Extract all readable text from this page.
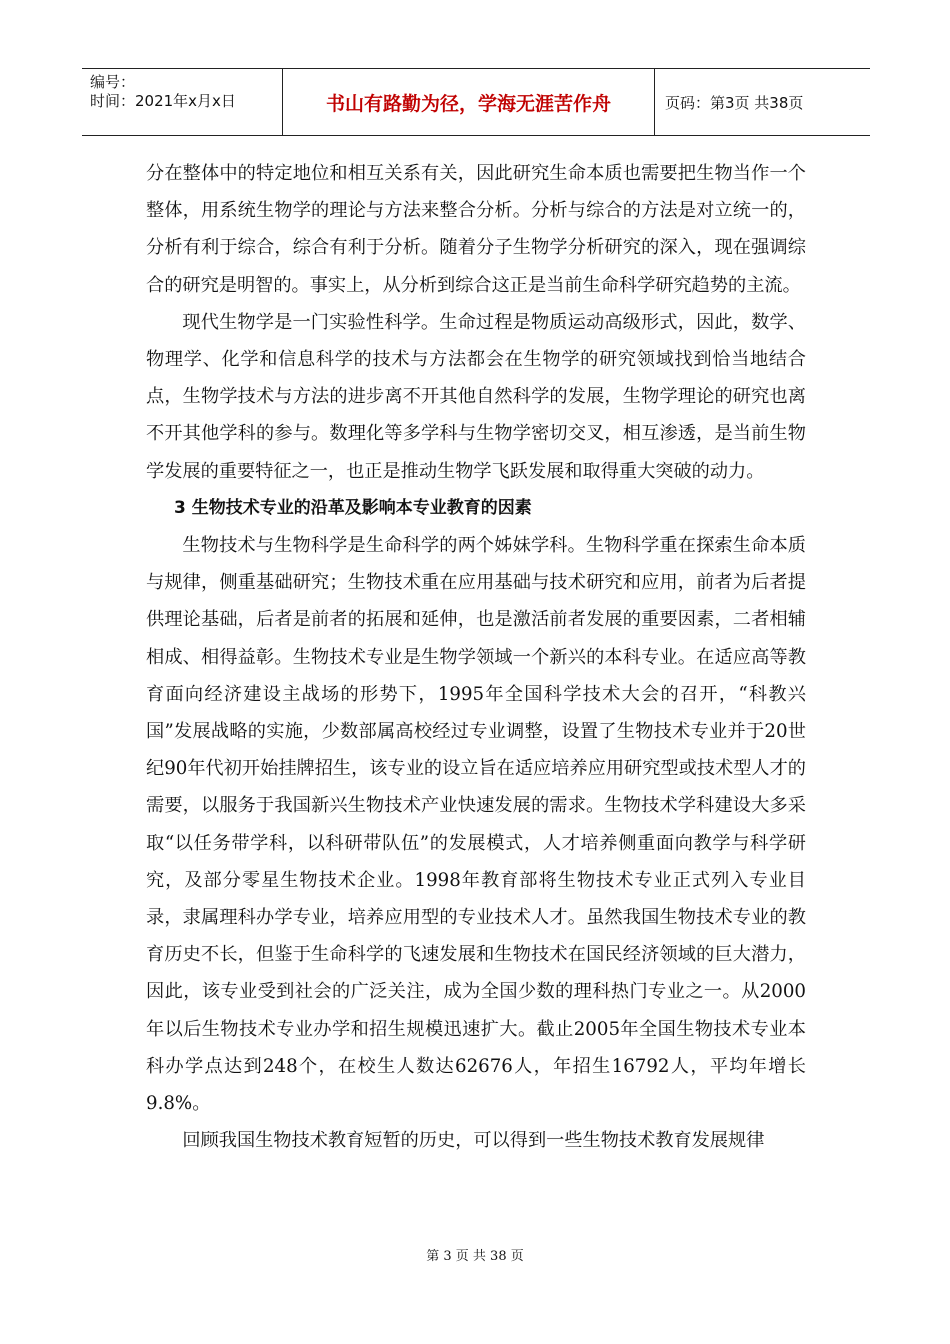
编号：
时间：2021年x月x日	书山有路勤为径，学海无涯苦作舟	页码：第3页 共38页

分在整体中的特定地位和相互关系有关，因此研究生命本质也需要把生物当作一个整体，用系统生物学的理论与方法来整合分析。分析与综合的方法是对立统一的，分析有利于综合，综合有利于分析。随着分子生物学分析研究的深入，现在强调综合的研究是明智的。事实上，从分析到综合这正是当前生命科学研究趋势的主流。

现代生物学是一门实验性科学。生命过程是物质运动高级形式，因此，数学、物理学、化学和信息科学的技术与方法都会在生物学的研究领域找到恰当地结合点，生物学技术与方法的进步离不开其他自然科学的发展，生物学理论的研究也离不开其他学科的参与。数理化等多学科与生物学密切交叉，相互渗透，是当前生物学发展的重要特征之一，也正是推动生物学飞跃发展和取得重大突破的动力。

3 生物技术专业的沿革及影响本专业教育的因素

生物技术与生物科学是生命科学的两个姊妹学科。生物科学重在探索生命本质与规律，侧重基础研究；生物技术重在应用基础与技术研究和应用，前者为后者提供理论基础，后者是前者的拓展和延伸，也是激活前者发展的重要因素，二者相辅相成、相得益彰。生物技术专业是生物学领域一个新兴的本科专业。在适应高等教育面向经济建设主战场的形势下，1995年全国科学技术大会的召开，“科教兴国”发展战略的实施，少数部属高校经过专业调整，设置了生物技术专业并于20世纪90年代初开始挂牌招生，该专业的设立旨在适应培养应用研究型或技术型人才的需要，以服务于我国新兴生物技术产业快速发展的需求。生物技术学科建设大多采取“以任务带学科，以科研带队伍”的发展模式，人才培养侧重面向教学与科学研究，及部分零星生物技术企业。1998年教育部将生物技术专业正式列入专业目录，隶属理科办学专业，培养应用型的专业技术人才。虽然我国生物技术专业的教育历史不长，但鉴于生命科学的飞速发展和生物技术在国民经济领域的巨大潜力，因此，该专业受到社会的广泛关注，成为全国少数的理科热门专业之一。从2000年以后生物技术专业办学和招生规模迅速扩大。截止2005年全国生物技术专业本科办学点达到248个，在校生人数达62676人，年招生16792人，平均年增长9.8%。

回顾我国生物技术教育短暂的历史，可以得到一些生物技术教育发展规律

第 3 页 共 38 页
